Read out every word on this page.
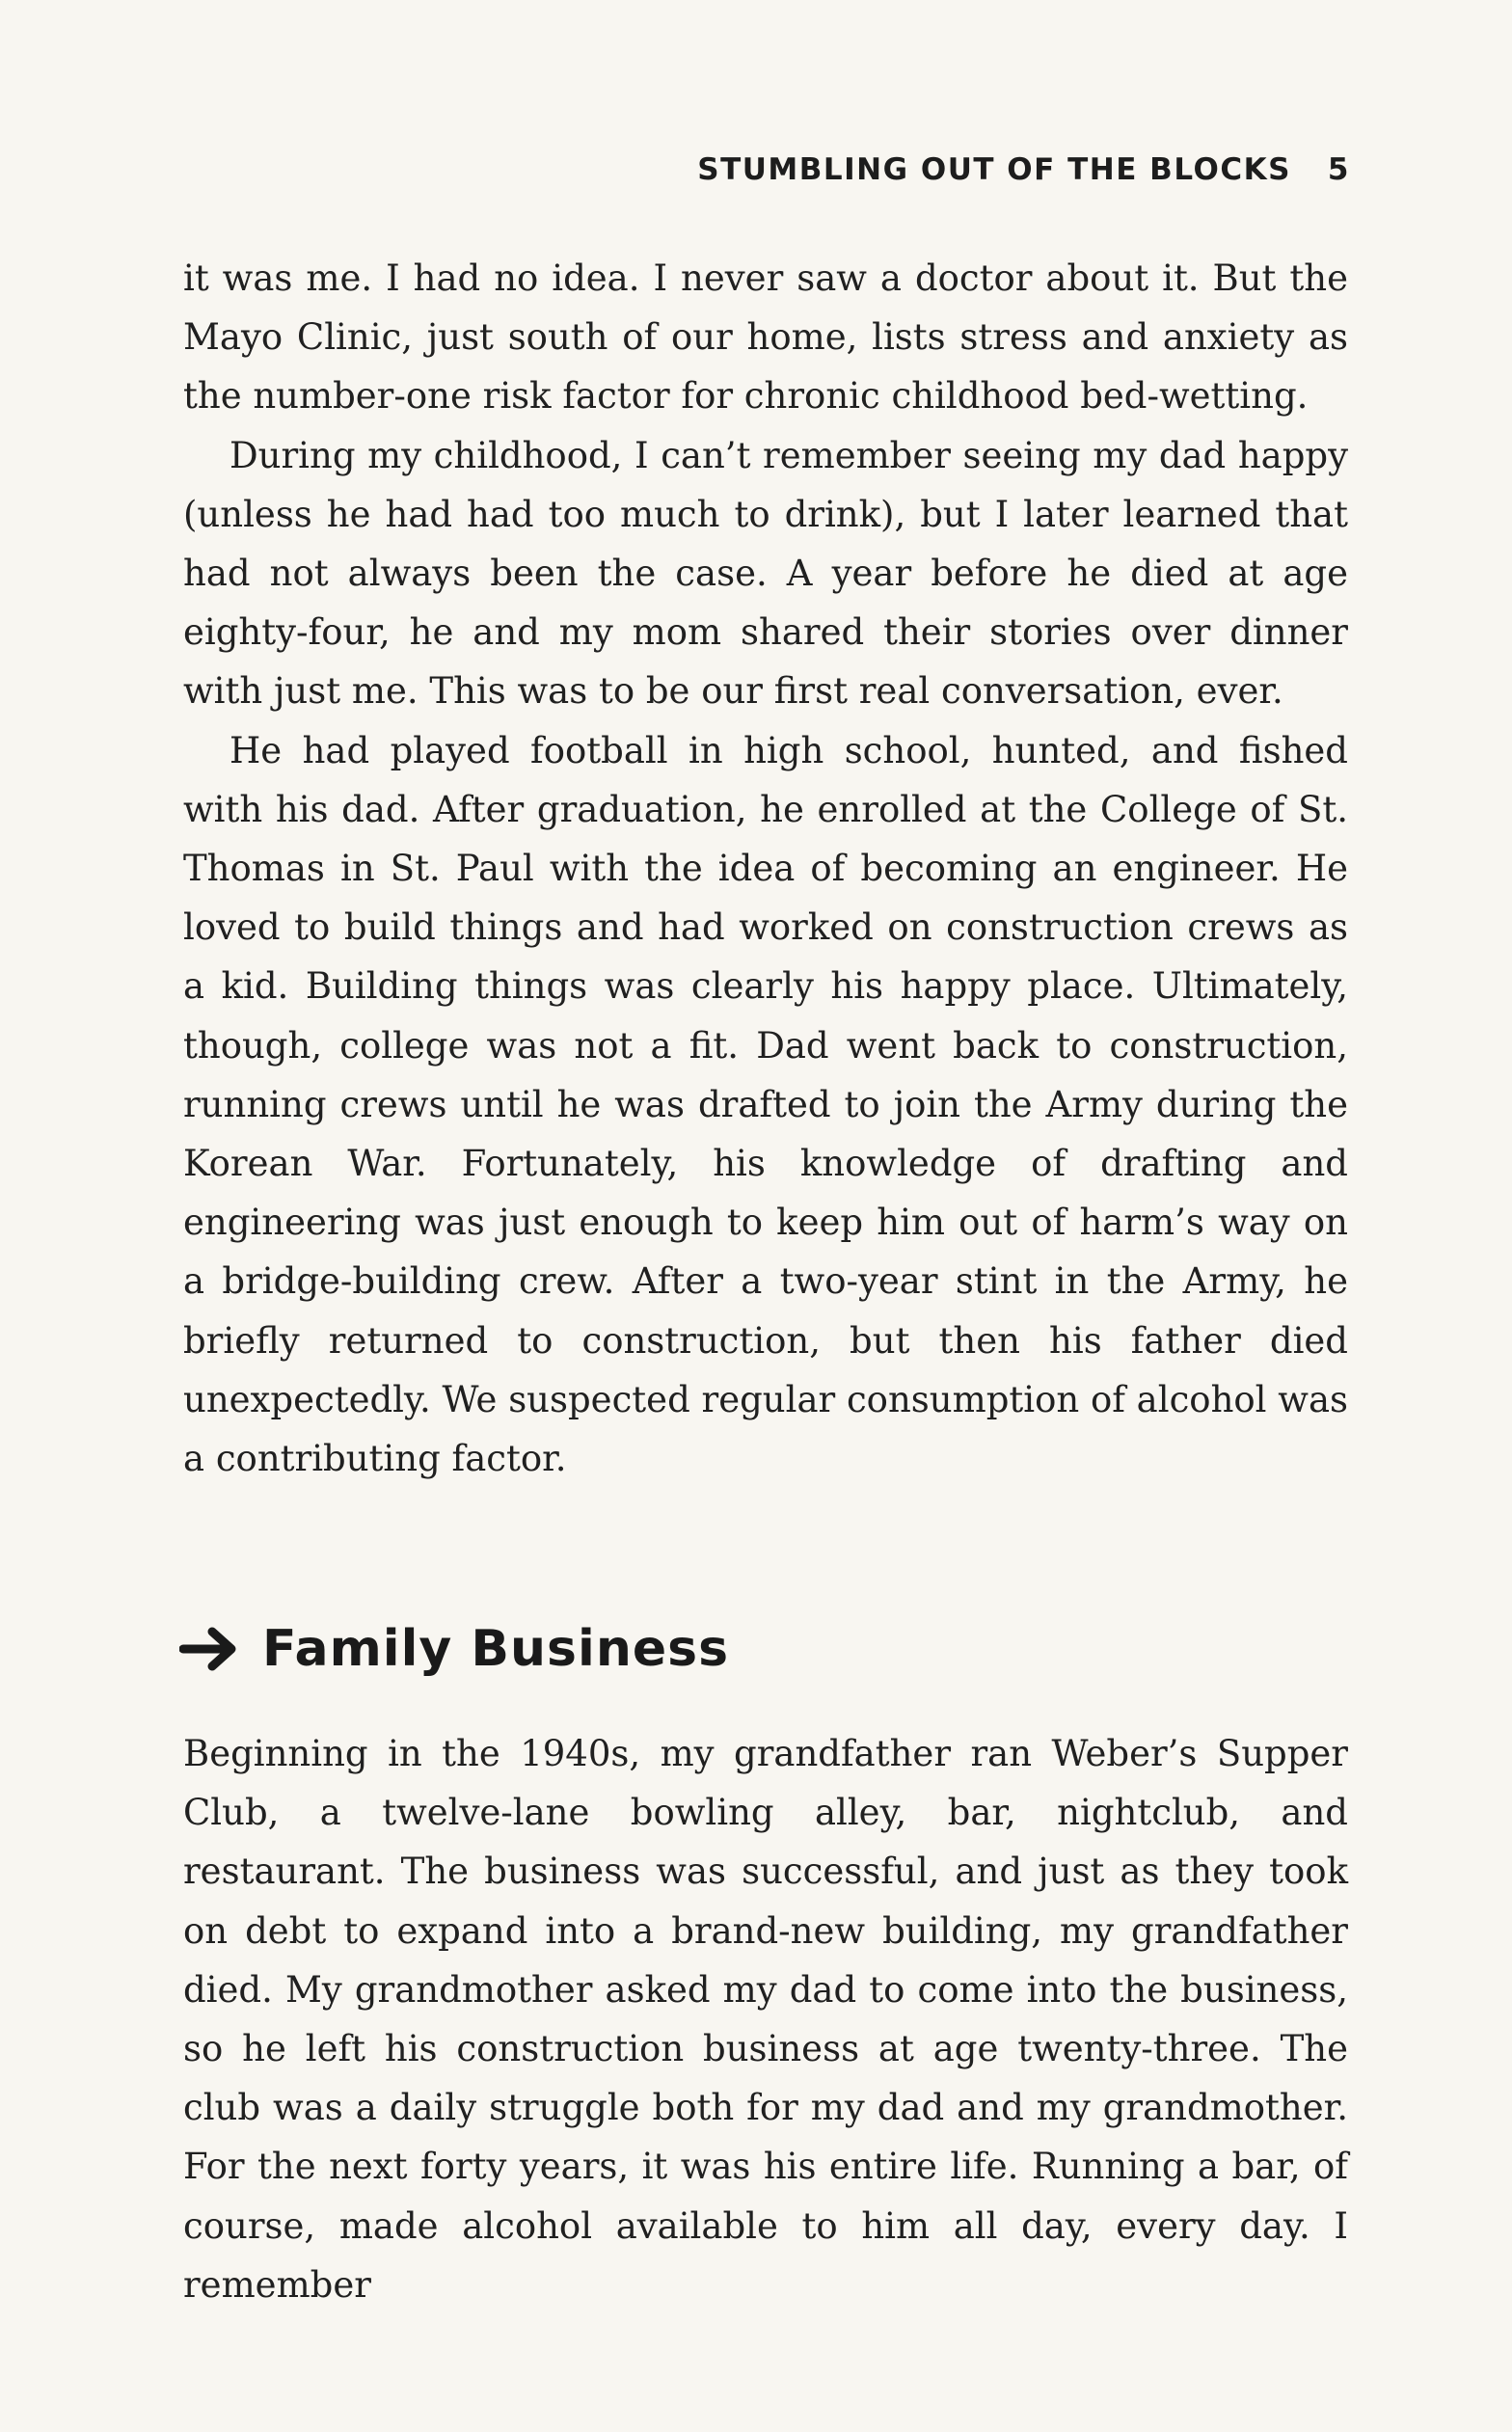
STUMBLING OUT OF THE BLOCKS 5

it was me. I had no idea. I never saw a doctor about it. But the Mayo Clinic, just south of our home, lists stress and anxiety as the number-one risk factor for chronic childhood bed-wetting.

During my childhood, I can’t remember seeing my dad happy (unless he had had too much to drink), but I later learned that had not always been the case. A year before he died at age eighty-four, he and my mom shared their stories over dinner with just me. This was to be our first real conversation, ever.

He had played football in high school, hunted, and fished with his dad. After graduation, he enrolled at the College of St. Thomas in St. Paul with the idea of becoming an engineer. He loved to build things and had worked on construction crews as a kid. Building things was clearly his happy place. Ultimately, though, college was not a fit. Dad went back to construction, running crews until he was drafted to join the Army during the Korean War. Fortunately, his knowledge of drafting and engineering was just enough to keep him out of harm’s way on a bridge-building crew. After a two-year stint in the Army, he briefly returned to construction, but then his father died unexpectedly. We suspected regular consumption of alcohol was a contributing factor.

Family Business

Beginning in the 1940s, my grandfather ran Weber’s Supper Club, a twelve-lane bowling alley, bar, nightclub, and restaurant. The business was successful, and just as they took on debt to expand into a brand-new building, my grandfather died. My grandmother asked my dad to come into the business, so he left his construction business at age twenty-three. The club was a daily struggle both for my dad and my grandmother. For the next forty years, it was his entire life. Running a bar, of course, made alcohol available to him all day, every day. I remember
